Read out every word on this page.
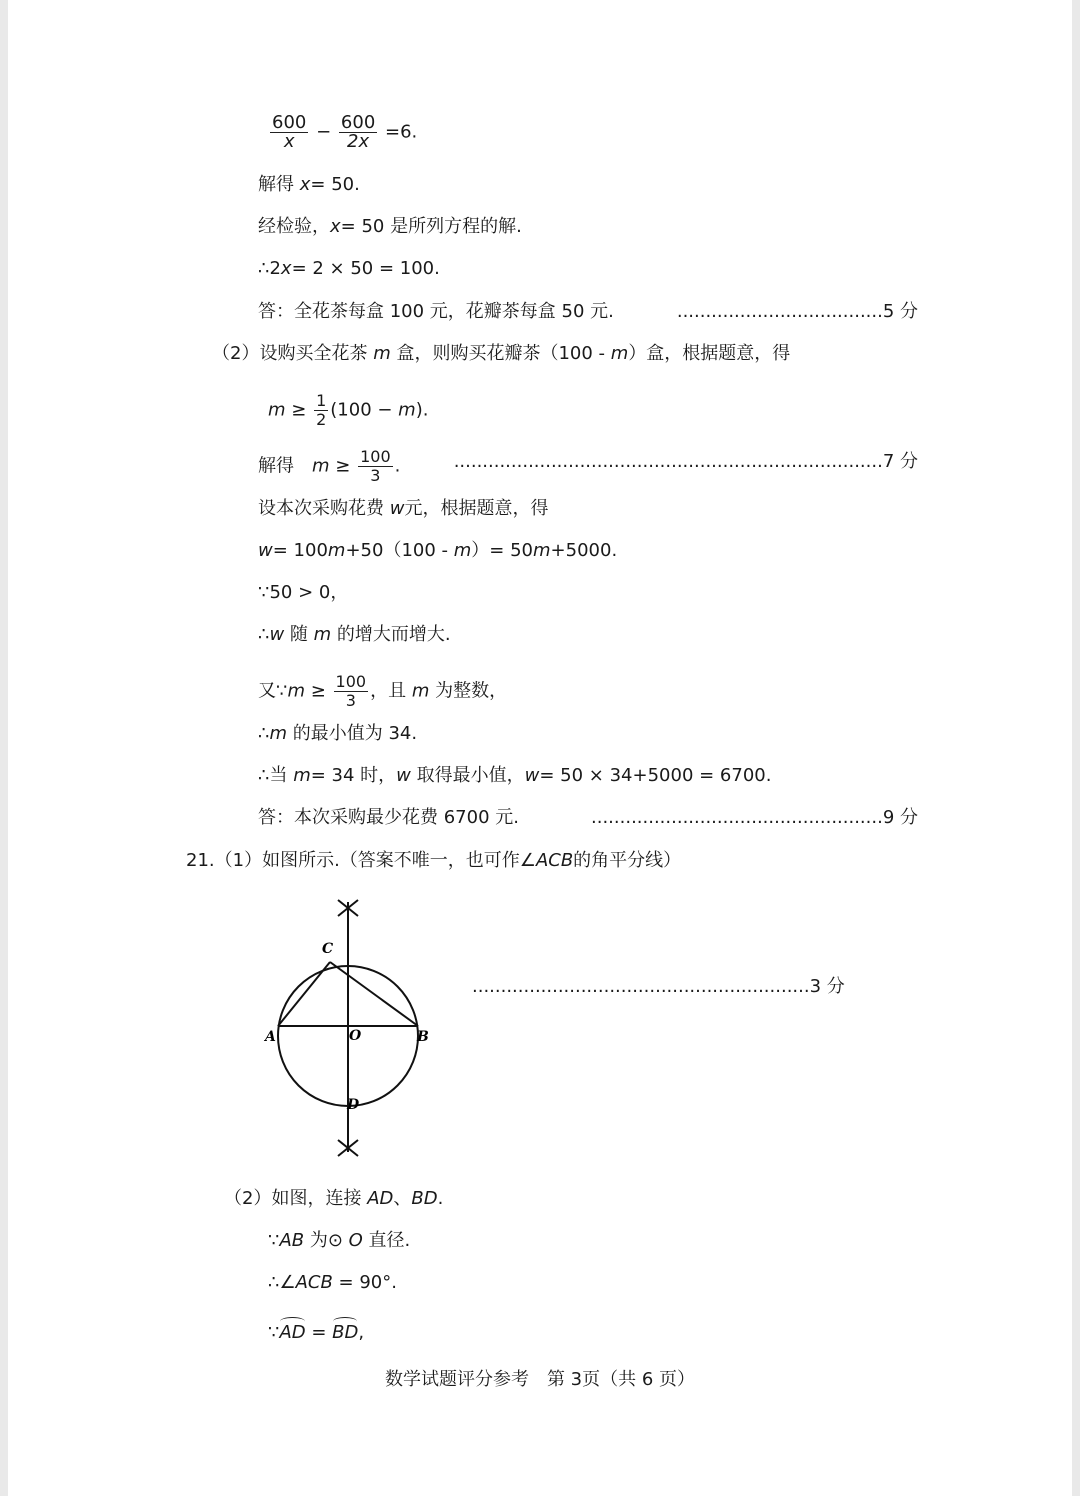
$\frac{600}{x} - \frac{600}{2x} =6$.
解得 x= 50.
经检验，x= 50 是所列方程的解.
∴2x= 2 × 50 = 100.
答：全花茶每盒 100 元，花瓣茶每盒 50 元.	....................................5 分
（2）设购买全花茶 m 盒，则购买花瓣茶（100 - m）盒，根据题意，得
$m \ge \frac{1}{2} (100 - m)$.
解得　$m \ge \frac{100}{3}$ .	...........................................................................7 分
设本次采购花费 w元，根据题意，得
w= 100m+50（100 - m）= 50m+5000.
∵50 > 0，
∴w 随 m 的增大而增大.
又∵m ≥ $\frac{100}{3}$ ，且 m 为整数，
∴m 的最小值为 34.
∴当 m= 34 时，w 取得最小值，w= 50 × 34+5000 = 6700.
答：本次采购最少花费 6700 元.	...................................................9 分
21.（1）如图所示.（答案不唯一，也可作∠ACB的角平分线）
C
A	O	B
D
...........................................................3 分
（2）如图，连接 AD、BD.
∵AB 为⊙ O 直径.
∴∠ACB = 90°.
∵AD = BD,
数学试题评分参考　第 3页（共 6 页）
